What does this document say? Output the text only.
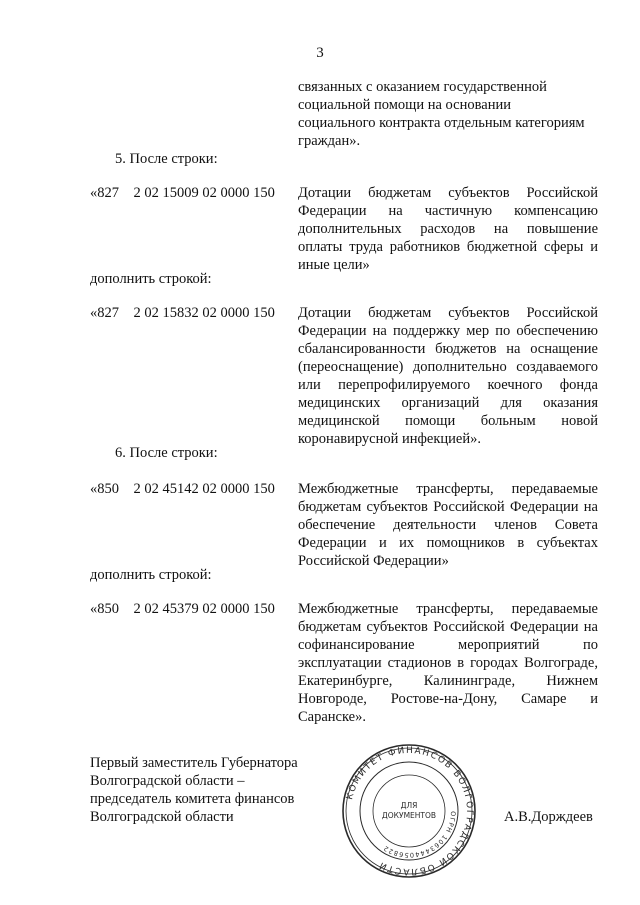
3
связанных с оказанием государственной
социальной помощи на основании
социального контракта отдельным категориям
граждан».
5. После строки:
«827    2 02 15009 02 0000 150 Дотации бюджетам субъектов Российской Федерации на частичную компенсацию дополнительных расходов на повышение оплаты труда работников бюджетной сферы и иные цели»
дополнить строкой:
«827    2 02 15832 02 0000 150 Дотации бюджетам субъектов Российской Федерации на поддержку мер по обеспечению сбалансированности бюджетов на оснащение (переоснащение) дополнительно создаваемого или перепрофилируемого коечного фонда медицинских организаций для оказания медицинской помощи больным новой коронавирусной инфекцией».
6. После строки:
«850    2 02 45142 02 0000 150 Межбюджетные трансферты, передаваемые бюджетам субъектов Российской Федерации на обеспечение деятельности членов Совета Федерации и их помощников в субъектах Российской Федерации»
дополнить строкой:
«850    2 02 45379 02 0000 150 Межбюджетные трансферты, передаваемые бюджетам субъектов Российской Федерации на софинансирование мероприятий по эксплуатации стадионов в городах Волгограде, Екатеринбурге, Калининграде, Нижнем Новгороде, Ростове-на-Дону, Самаре и Саранске».
Первый заместитель Губернатора
Волгоградской области –
председатель комитета финансов
Волгоградской области
КОМИТЕТ ФИНАНСОВ ВОЛГОГРАДСКОЙ ОБЛАСТИ
ОГРН 1063444056822
ДЛЯ
ДОКУМЕНТОВ	А.В.Дорждеев
